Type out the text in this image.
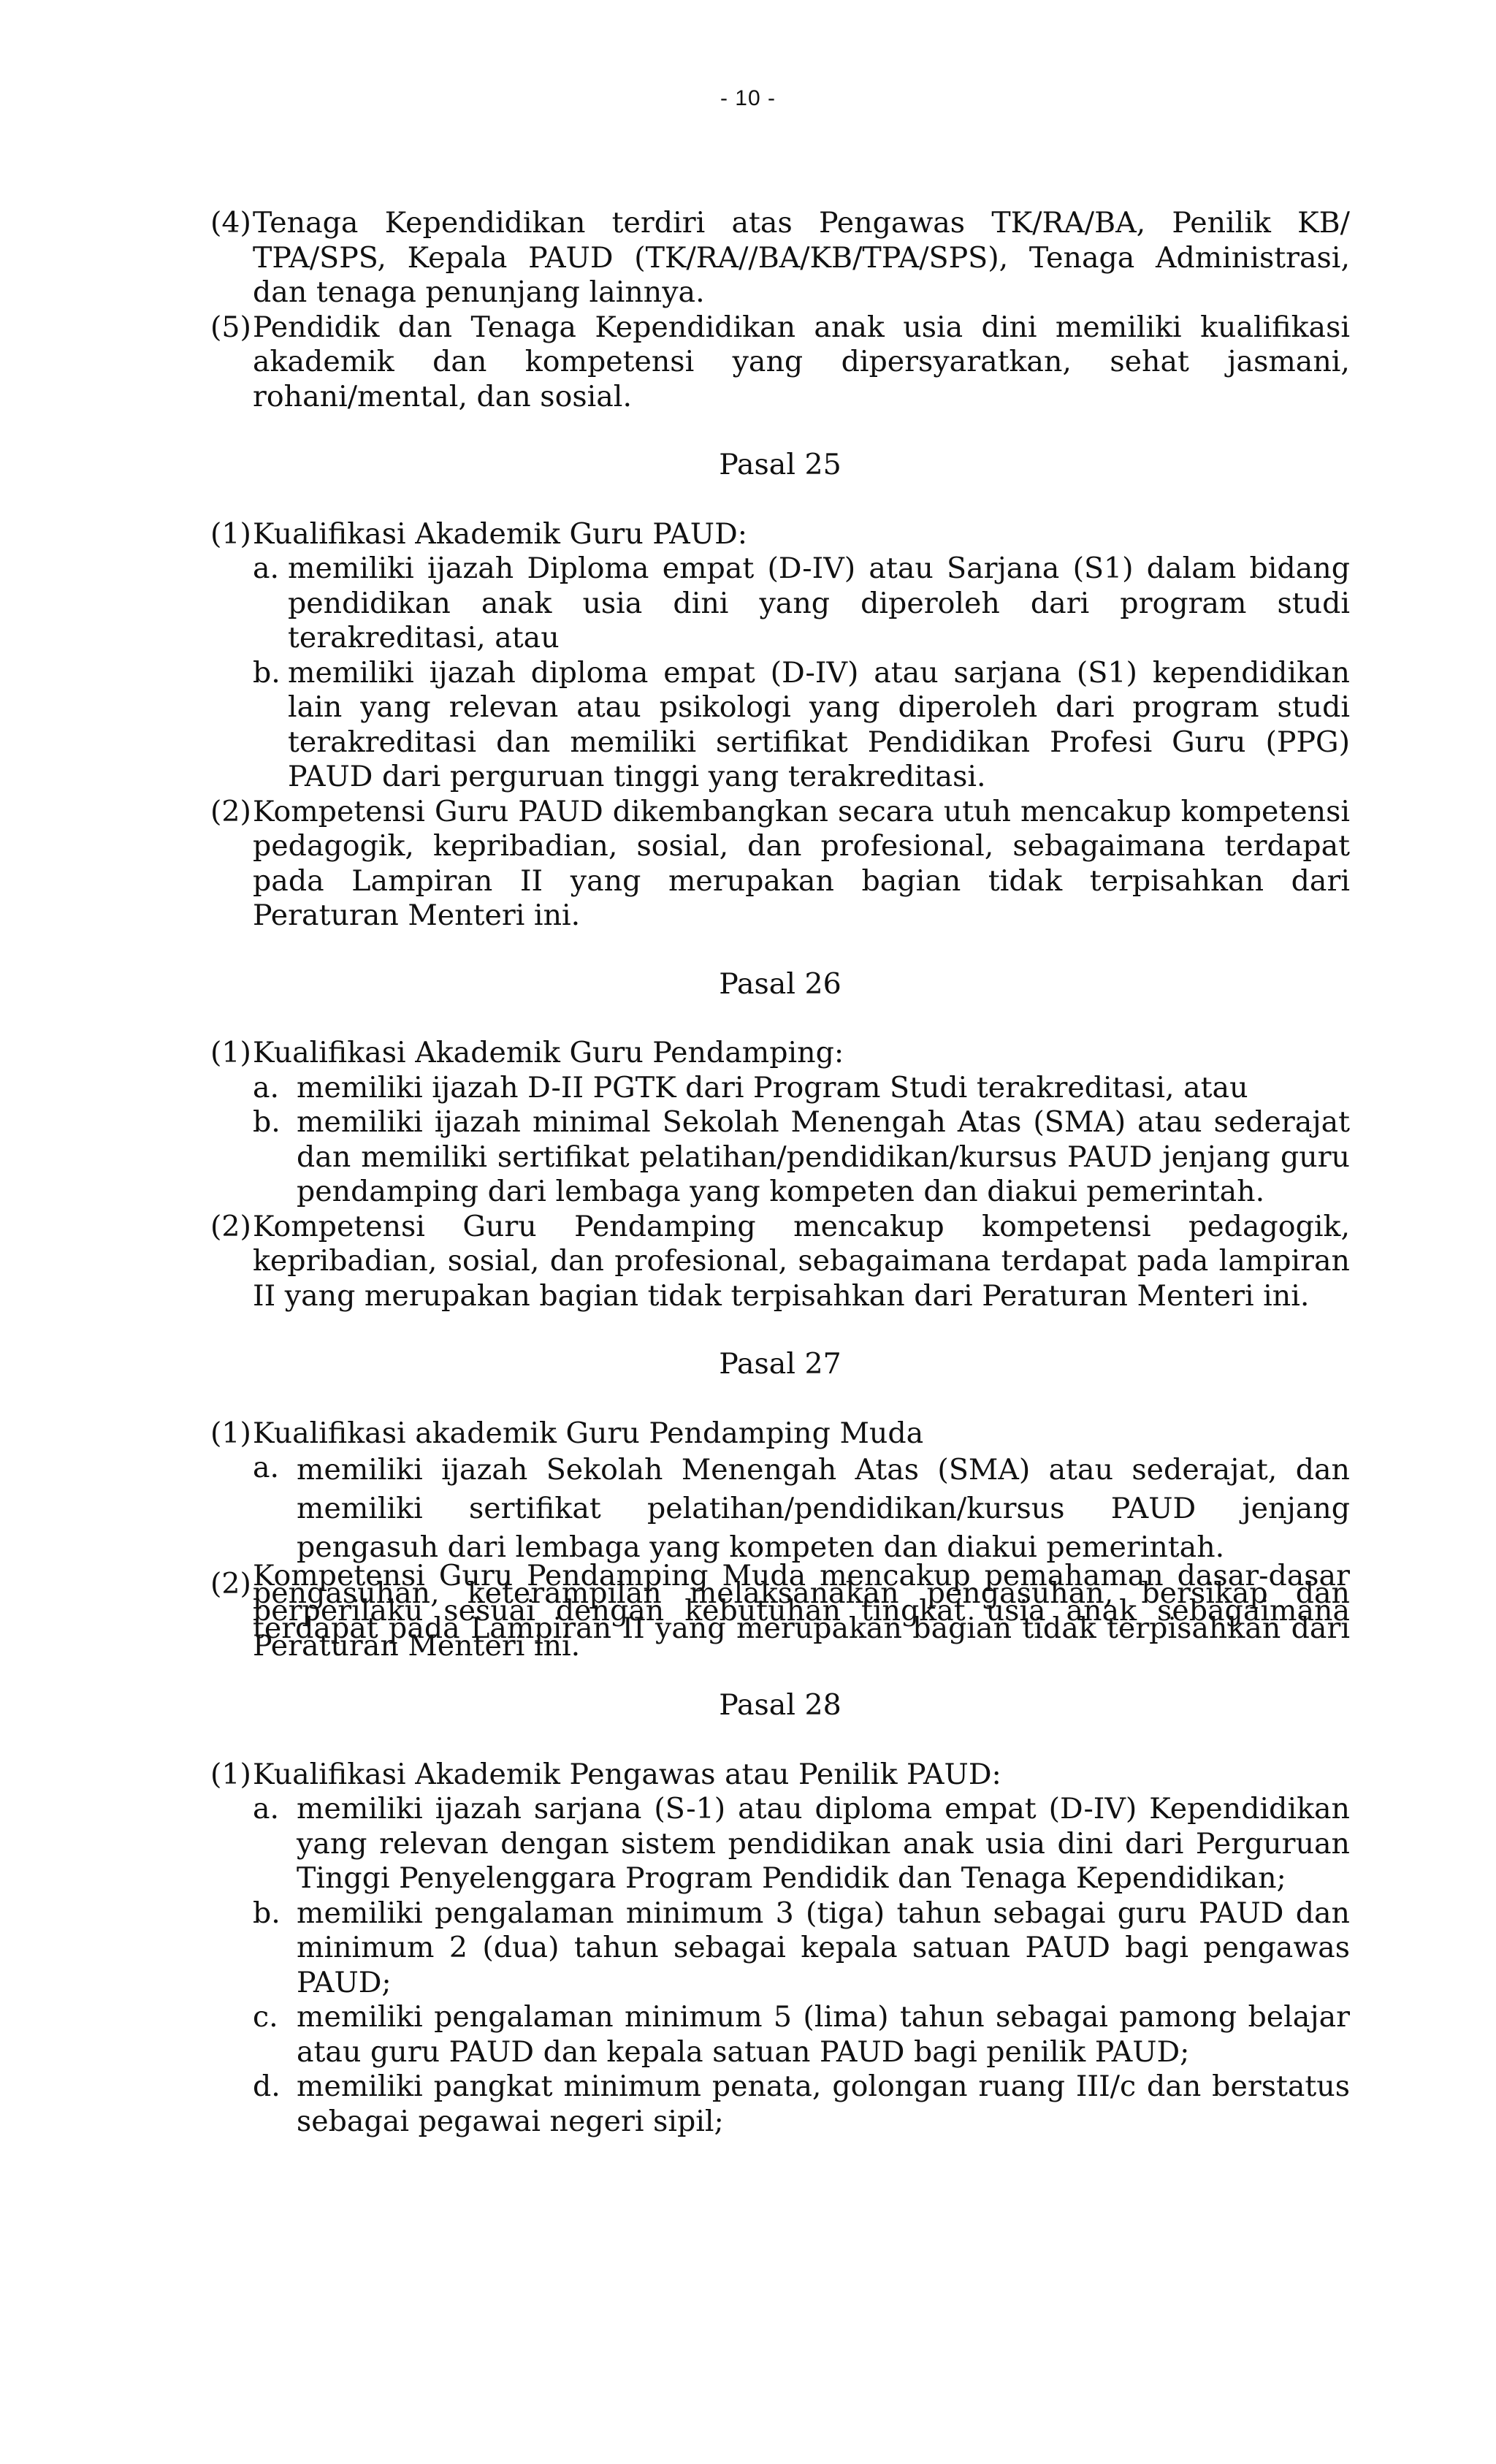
- 10 -
(4) Tenaga Kependidikan terdiri atas Pengawas TK/RA/BA, Penilik KB/ TPA/SPS, Kepala PAUD (TK/RA//BA/KB/TPA/SPS), Tenaga Administrasi, dan tenaga penunjang lainnya.
(5) Pendidik dan Tenaga Kependidikan anak usia dini memiliki kualifikasi akademik dan kompetensi yang dipersyaratkan, sehat jasmani, rohani/mental, dan sosial.
Pasal 25
(1) Kualifikasi Akademik Guru PAUD:
a. memiliki ijazah Diploma empat (D-IV) atau Sarjana (S1) dalam bidang pendidikan anak usia dini yang diperoleh dari program studi terakreditasi, atau
b. memiliki ijazah diploma empat (D-IV) atau sarjana (S1) kependidikan lain yang relevan atau psikologi yang diperoleh dari program studi terakreditasi dan memiliki sertifikat Pendidikan Profesi Guru (PPG) PAUD dari perguruan tinggi yang terakreditasi.
(2) Kompetensi Guru PAUD dikembangkan secara utuh mencakup kompetensi pedagogik, kepribadian, sosial, dan profesional, sebagaimana terdapat pada Lampiran II yang merupakan bagian tidak terpisahkan dari Peraturan Menteri ini.
Pasal 26
(1) Kualifikasi Akademik Guru Pendamping:
a. memiliki ijazah D-II PGTK dari Program Studi terakreditasi, atau
b. memiliki ijazah minimal Sekolah Menengah Atas (SMA) atau sederajat dan memiliki sertifikat pelatihan/pendidikan/kursus PAUD jenjang guru pendamping dari lembaga yang kompeten dan diakui pemerintah.
(2) Kompetensi Guru Pendamping mencakup kompetensi pedagogik, kepribadian, sosial, dan profesional, sebagaimana terdapat pada lampiran II yang merupakan bagian tidak terpisahkan dari Peraturan Menteri ini.
Pasal 27
(1) Kualifikasi akademik Guru Pendamping Muda
a. memiliki ijazah Sekolah Menengah Atas (SMA) atau sederajat, dan memiliki sertifikat pelatihan/pendidikan/kursus PAUD jenjang pengasuh dari lembaga yang kompeten dan diakui pemerintah.
(2) Kompetensi Guru Pendamping Muda mencakup pemahaman dasar-dasar pengasuhan, keterampilan melaksanakan pengasuhan, bersikap dan berperilaku sesuai dengan kebutuhan tingkat usia anak sebagaimana terdapat pada Lampiran II yang merupakan bagian tidak terpisahkan dari Peraturan Menteri ini.
Pasal 28
(1) Kualifikasi Akademik Pengawas atau Penilik PAUD:
a. memiliki ijazah sarjana (S-1) atau diploma empat (D-IV) Kependidikan yang relevan dengan sistem pendidikan anak usia dini dari Perguruan Tinggi Penyelenggara Program Pendidik dan Tenaga Kependidikan;
b. memiliki pengalaman minimum 3 (tiga) tahun sebagai guru PAUD dan minimum 2 (dua) tahun sebagai kepala satuan PAUD bagi pengawas PAUD;
c. memiliki pengalaman minimum 5 (lima) tahun sebagai pamong belajar atau guru PAUD dan kepala satuan PAUD bagi penilik PAUD;
d. memiliki pangkat minimum penata, golongan ruang III/c dan berstatus sebagai pegawai negeri sipil;
